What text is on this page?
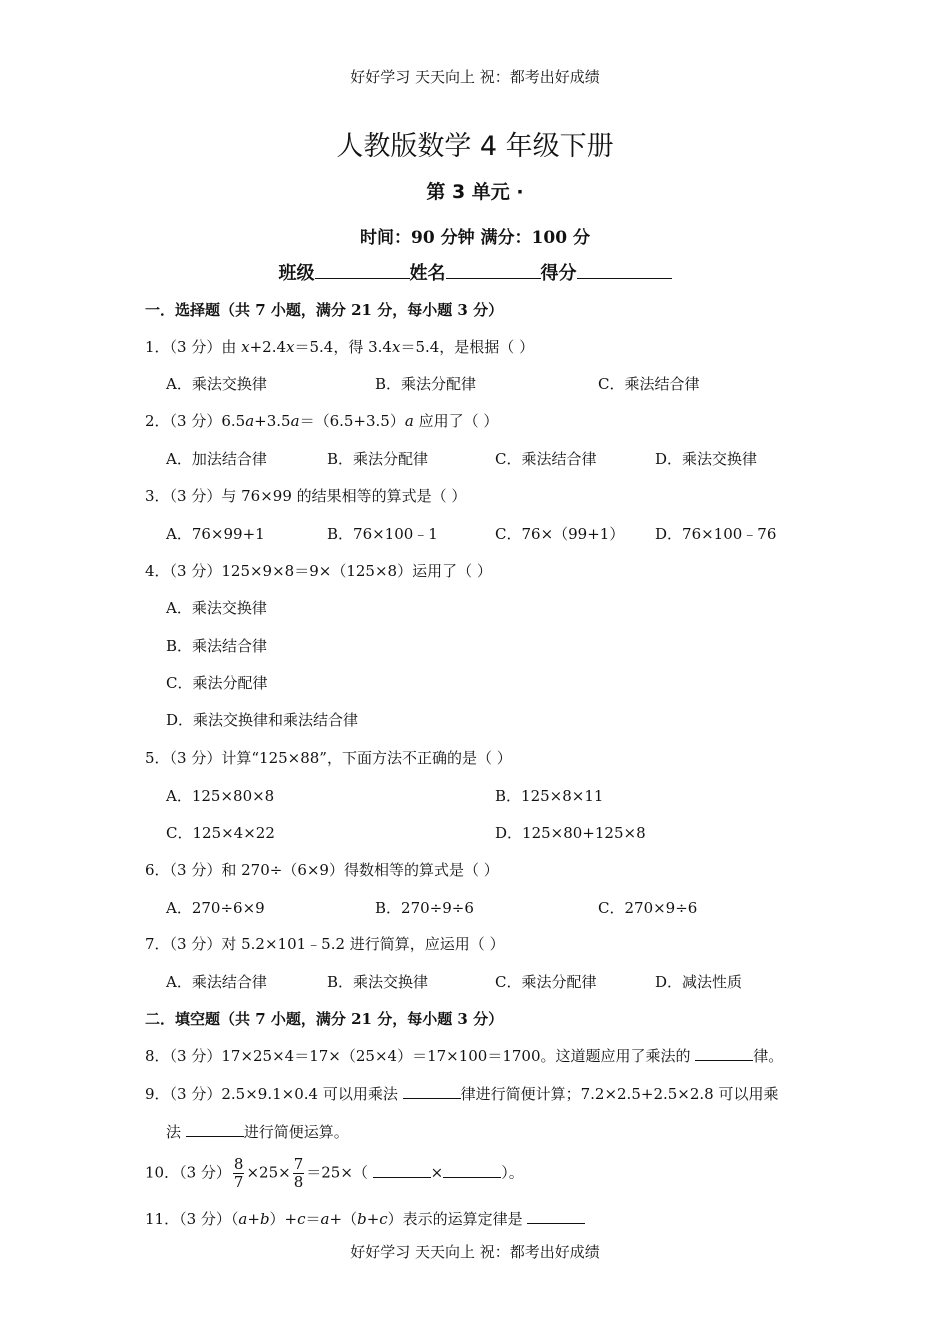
好好学习 天天向上 祝：都考出好成绩
人教版数学 4 年级下册
第 3 单元 ·
时间：90 分钟 满分：100 分
班级	姓名	得分
一．选择题（共 7 小题，满分 21 分，每小题 3 分）
1．（3 分）由 x+2.4x＝5.4，得 3.4x＝5.4，是根据（ ）
A．乘法交换律	B．乘法分配律	C．乘法结合律
2．（3 分）6.5a+3.5a＝（6.5+3.5）a 应用了（ ）
A．加法结合律	B．乘法分配律	C．乘法结合律	D．乘法交换律
3．（3 分）与 76×99 的结果相等的算式是（ ）
A．76×99+1	B．76×100﹣1	C．76×（99+1） D．76×100﹣76
4．（3 分）125×9×8＝9×（125×8）运用了（ ）
A．乘法交换律
B．乘法结合律
C．乘法分配律
D．乘法交换律和乘法结合律
5．（3 分）计算“125×88”，下面方法不正确的是（ ）
A．125×80×8	B．125×8×11
C．125×4×22	D．125×80+125×8
6．（3 分）和 270÷（6×9）得数相等的算式是（ ）
A．270÷6×9	B．270÷9÷6	C．270×9÷6
7．（3 分）对 5.2×101﹣5.2 进行简算，应运用（ ）
A．乘法结合律	B．乘法交换律	C．乘法分配律	D．减法性质
二．填空题（共 7 小题，满分 21 分，每小题 3 分）
8．（3 分）17×25×4＝17×（25×4）＝17×100＝1700。这道题应用了乘法的	律。
9．（3 分）2.5×9.1×0.4 可以用乘法	律进行简便计算；7.2×2.5+2.5×2.8 可以用乘
法	进行简便运算。
10．（3 分） $\frac{8}{7} \times 25\times \frac{7}{8} =25\times$（	×	）。
11．（3 分）（a+b）+c＝a+（b+c）表示的运算定律是
好好学习 天天向上 祝：都考出好成绩
